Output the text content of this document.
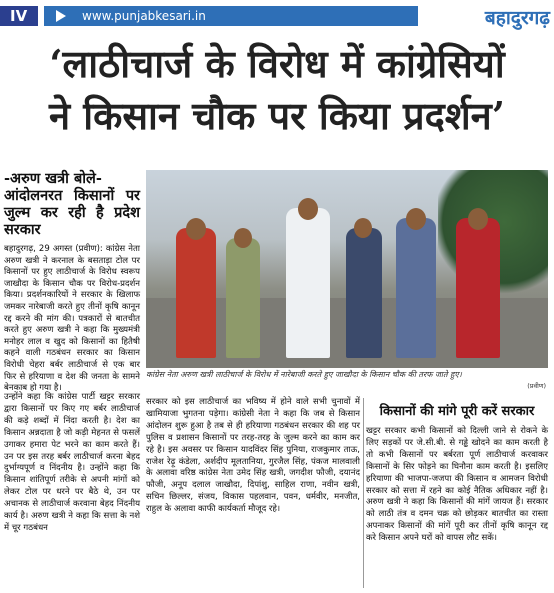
IV	www.punjabkesari.in	बहादुरगढ़
‘लाठीचार्ज के विरोध में कांग्रेसियों
ने किसान चौक पर किया प्रदर्शन’
-अरुण खत्री बोले-
आंदोलनरत किसानों पर जुल्म कर रही है प्रदेश सरकार

बहादुरगढ़, 29 अगस्त (प्रवीण): कांग्रेस नेता अरुण खत्री ने करनाल के बसताड़ा टोल पर किसानों पर हुए लाठीचार्ज के विरोध स्वरूप जाखौदा के किसान चौक पर विरोध-प्रदर्शन किया। प्रदर्शनकारियों ने सरकार के खिलाफ जमकर नारेबाजी करते हुए तीनों कृषि कानून रद्द करने की मांग की। पत्रकारों से बातचीत करते हुए अरुण खत्री ने कहा कि मुख्यमंत्री मनोहर लाल व खुद को किसानों का हितैषी कहने वाली गठबंधन सरकार का किसान विरोधी चेहरा बर्बर लाठीचार्ज से एक बार फिर से हरियाणा व देश की जनता के सामने बेनकाब हो गया है।

कांग्रेस नेता अरुण खत्री लाठीचार्ज के विरोध में नारेबाजी करते हुए जाखौदा के किसान चौक की तरफ जाते हुए।
(प्रवीण)
उन्होंने कहा कि कांग्रेस पार्टी खट्टर सरकार द्वारा किसानों पर किए गए बर्बर लाठीचार्ज की कड़े शब्दों में निंदा करती है। देश का किसान अन्नदाता है जो कड़ी मेहनत से फसलें उगाकर हमारा पेट भरने का काम करते हैं। उन पर इस तरह बर्बर लाठीचार्ज करना बेहद दुर्भाग्यपूर्ण व निंदनीय है। उन्होंने कहा कि किसान शांतिपूर्ण तरीके से अपनी मांगों को लेकर टोल पर धरने पर बैठे थे, उन पर अचानक से लाठीचार्ज करवाना बेहद निंदनीय कार्य है। अरुण खत्री ने कहा कि सत्ता के नशे में चूर गठबंधन
सरकार को इस लाठीचार्ज का भविष्य में होने वाले सभी चुनावों में खामियाजा भुगतना पड़ेगा। कांग्रेसी नेता ने कहा कि जब से किसान आंदोलन शुरू हुआ है तब से ही हरियाणा गठबंधन सरकार की शह पर पुलिस व प्रशासन किसानों पर तरह-तरह के जुल्म करने का काम कर रहे है। इस अवसर पर किसान यादविंदर सिंह पुनिया, राजकुमार ताऊ, राजेश रेढ़ू कंडेला, अर्शदीप मूलतानिया, गुरजैल सिंह, पंकज मालवाली के अलावा वरिष्ठ कांग्रेस नेता उमेद सिंह खत्री, जगदीश फौजी, दयानंद फौजी, अनूप दलाल जाखौदा, दिपांशु, साहिल राणा, नवीन खत्री, सचिन छिल्लर, संजय, विकास पहलवान, पवन, धर्मवीर, मनजीत, राहुल के अलावा काफी कार्यकर्ता मौजूद रहे।
किसानों की मांगे पूरी करें सरकार

खट्टर सरकार कभी किसानों को दिल्ली जाने से रोकने के लिए सड़कों पर जे.सी.बी. से गड्ढे खोदने का काम करती है तो कभी किसानों पर बर्बरता पूर्ण लाठीचार्ज करवाकर किसानों के सिर फोड़ने का घिनौना काम करती है। इसलिए हरियाणा की भाजपा-जजपा की किसान व आमजन विरोधी सरकार को सत्ता में रहने का कोई नैतिक अधिकार नहीं है। अरुण खत्री ने कहा कि किसानों की मांगें जायज हैं। सरकार को लाठी तंत्र व दमन चक्र को छोड़कर बातचीत का रास्ता अपनाकर किसानों की मांगें पूरी कर तीनों कृषि कानून रद्द करे किसान अपने घरों को वापस लौट सकें।
